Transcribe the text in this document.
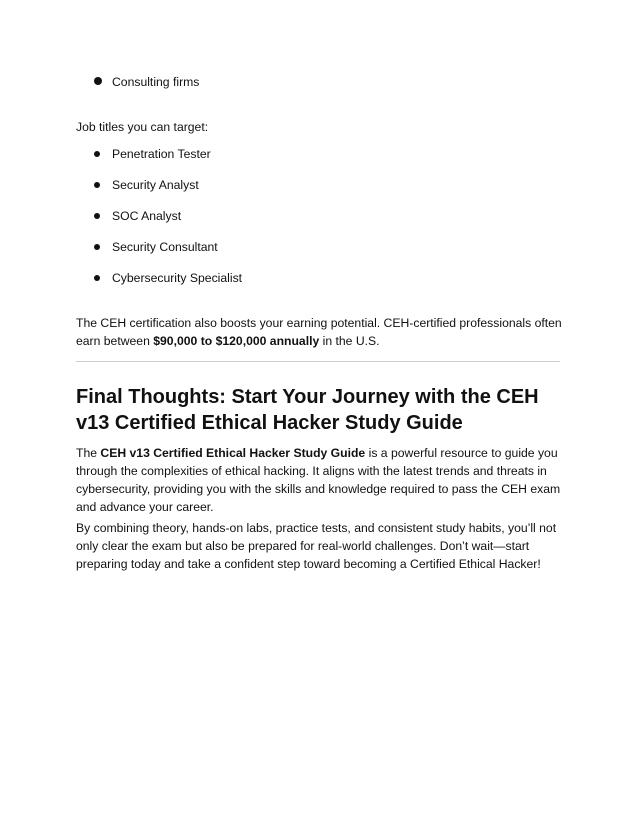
Consulting firms

Job titles you can target:

Penetration Tester
Security Analyst
SOC Analyst
Security Consultant
Cybersecurity Specialist

The CEH certification also boosts your earning potential. CEH-certified professionals often earn between $90,000 to $120,000 annually in the U.S.

Final Thoughts: Start Your Journey with the CEH v13 Certified Ethical Hacker Study Guide

The CEH v13 Certified Ethical Hacker Study Guide is a powerful resource to guide you through the complexities of ethical hacking. It aligns with the latest trends and threats in cybersecurity, providing you with the skills and knowledge required to pass the CEH exam and advance your career.

By combining theory, hands-on labs, practice tests, and consistent study habits, you’ll not only clear the exam but also be prepared for real-world challenges. Don’t wait—start preparing today and take a confident step toward becoming a Certified Ethical Hacker!
